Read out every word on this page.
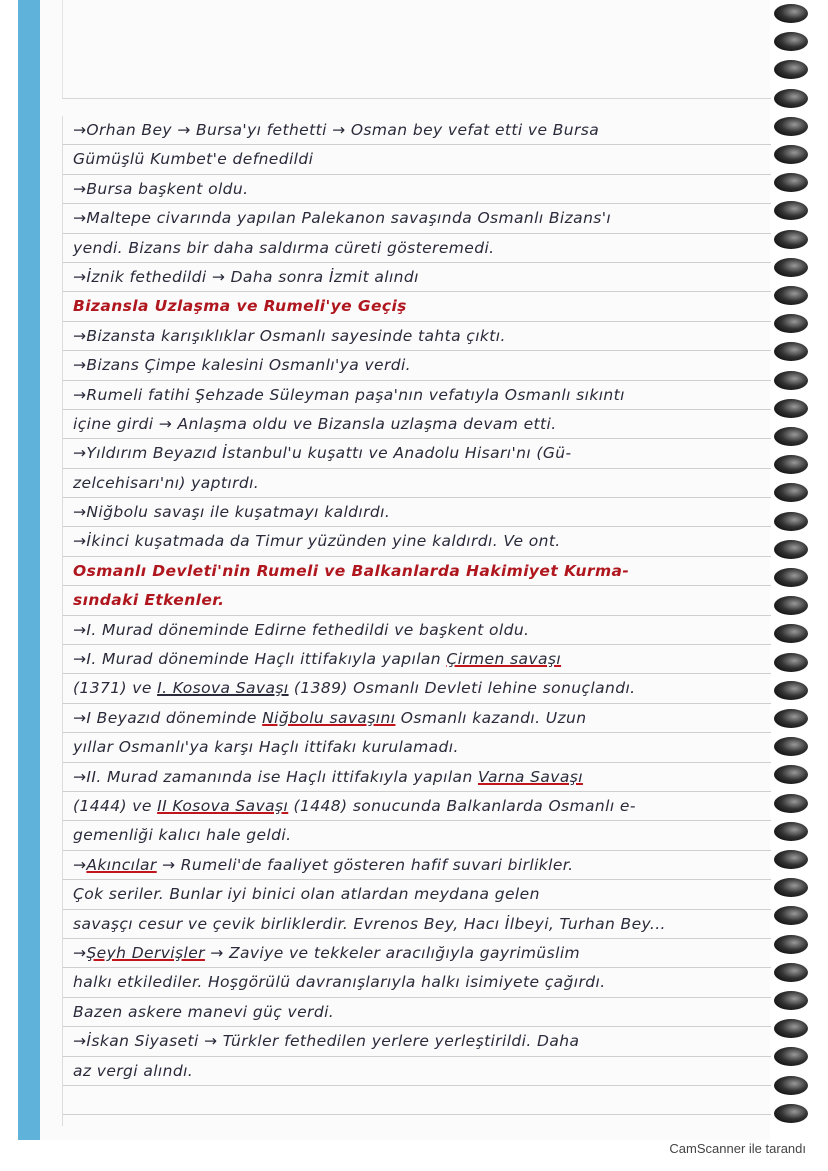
→Orhan Bey → Bursa'yı fethetti → Osman bey vefat etti ve Bursa
Gümüşlü Kumbet'e defnedildi
→Bursa başkent oldu.
→Maltepe civarında yapılan Palekanon savaşında Osmanlı Bizans'ı
yendi. Bizans bir daha saldırma cüreti gösteremedi.
→İznik fethedildi → Daha sonra İzmit alındı
Bizansla Uzlaşma ve Rumeli'ye Geçiş
→Bizansta karışıklıklar Osmanlı sayesinde tahta çıktı.
→Bizans Çimpe kalesini Osmanlı'ya verdi.
→Rumeli fatihi Şehzade Süleyman paşa'nın vefatıyla Osmanlı sıkıntı
içine girdi → Anlaşma oldu ve Bizansla uzlaşma devam etti.
→Yıldırım Beyazıd İstanbul'u kuşattı ve Anadolu Hisarı'nı (Gü-
zelcehisarı'nı) yaptırdı.
→Niğbolu savaşı ile kuşatmayı kaldırdı.
→İkinci kuşatmada da Timur yüzünden yine kaldırdı. Ve ont.
Osmanlı Devleti'nin Rumeli ve Balkanlarda Hakimiyet Kurma-
sındaki Etkenler.
→I. Murad döneminde Edirne fethedildi ve başkent oldu.
→I. Murad döneminde Haçlı ittifakıyla yapılan Çirmen savaşı
(1371) ve I. Kosova Savaşı (1389) Osmanlı Devleti lehine sonuçlandı.
→I Beyazıd döneminde Niğbolu savaşını Osmanlı kazandı. Uzun
yıllar Osmanlı'ya karşı Haçlı ittifakı kurulamadı.
→II. Murad zamanında ise Haçlı ittifakıyla yapılan Varna Savaşı
(1444) ve II Kosova Savaşı (1448) sonucunda Balkanlarda Osmanlı e-
gemenliği kalıcı hale geldi.
→Akıncılar → Rumeli'de faaliyet gösteren hafif suvari birlikler.
Çok seriler. Bunlar iyi binici olan atlardan meydana gelen
savaşçı cesur ve çevik birliklerdir. Evrenos Bey, Hacı İlbeyi, Turhan Bey...
→Şeyh Dervişler → Zaviye ve tekkeler aracılığıyla gayrimüslim
halkı etkilediler. Hoşgörülü davranışlarıyla halkı isimiyete çağırdı.
Bazen askere manevi güç verdi.
→İskan Siyaseti → Türkler fethedilen yerlere yerleştirildi. Daha
az vergi alındı.
CamScanner ile tarandı
